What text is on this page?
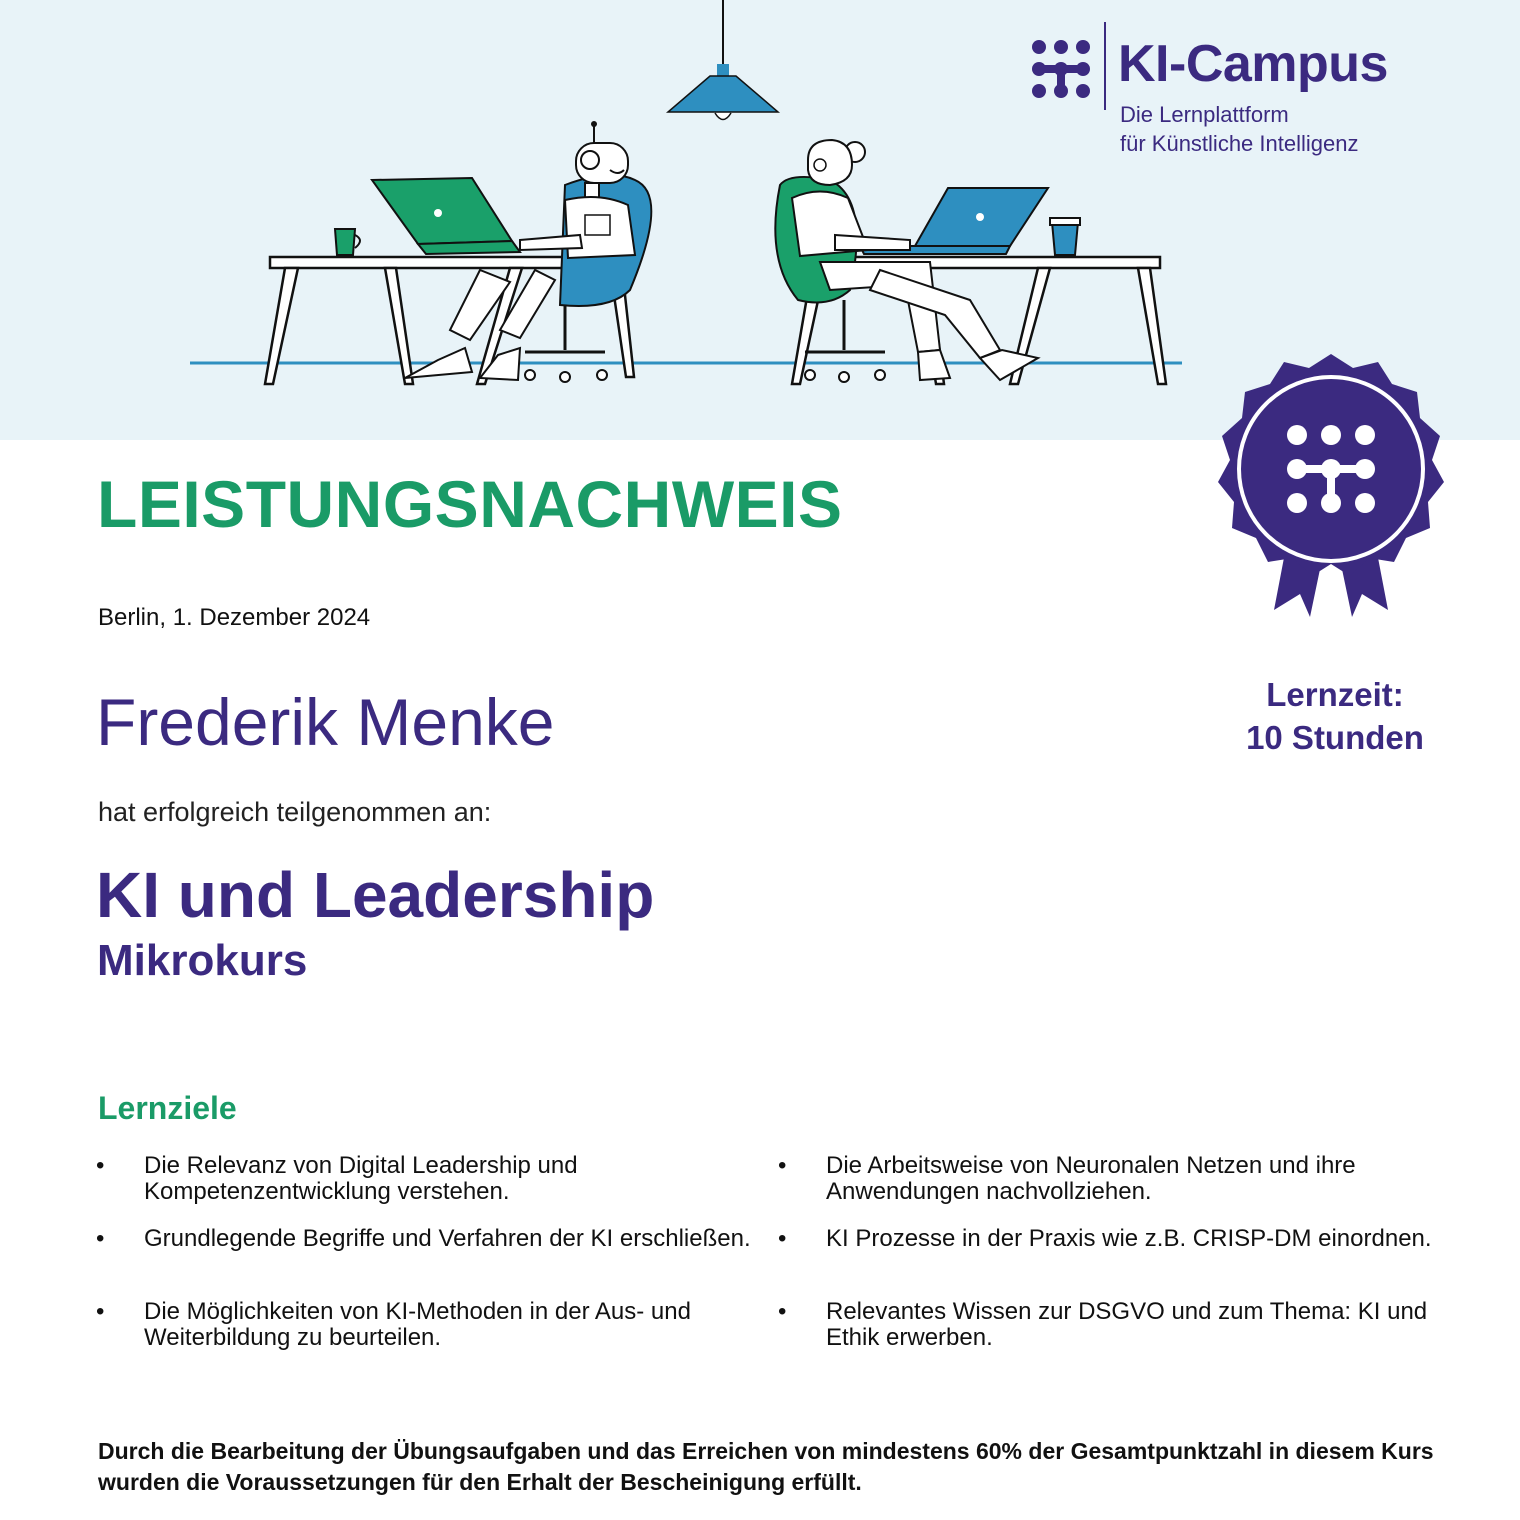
KI-Campus
Die Lernplattform
für Künstliche Intelligenz
Lernzeit:
10 Stunden
LEISTUNGSNACHWEIS
Berlin, 1. Dezember 2024
Frederik Menke
hat erfolgreich teilgenommen an:
KI und Leadership
Mikrokurs
Lernziele
• Die Relevanz von Digital Leadership und Kompetenzentwicklung verstehen.
• Grundlegende Begriffe und Verfahren der KI erschließen.
• Die Möglichkeiten von KI-Methoden in der Aus- und Weiterbildung zu beurteilen.
• Die Arbeitsweise von Neuronalen Netzen und ihre Anwendungen nachvollziehen.
• KI Prozesse in der Praxis wie z.B. CRISP-DM einordnen.
• Relevantes Wissen zur DSGVO und zum Thema: KI und Ethik erwerben.
Durch die Bearbeitung der Übungsaufgaben und das Erreichen von mindestens 60% der Gesamtpunktzahl in diesem Kurs wurden die Voraussetzungen für den Erhalt der Bescheinigung erfüllt.
